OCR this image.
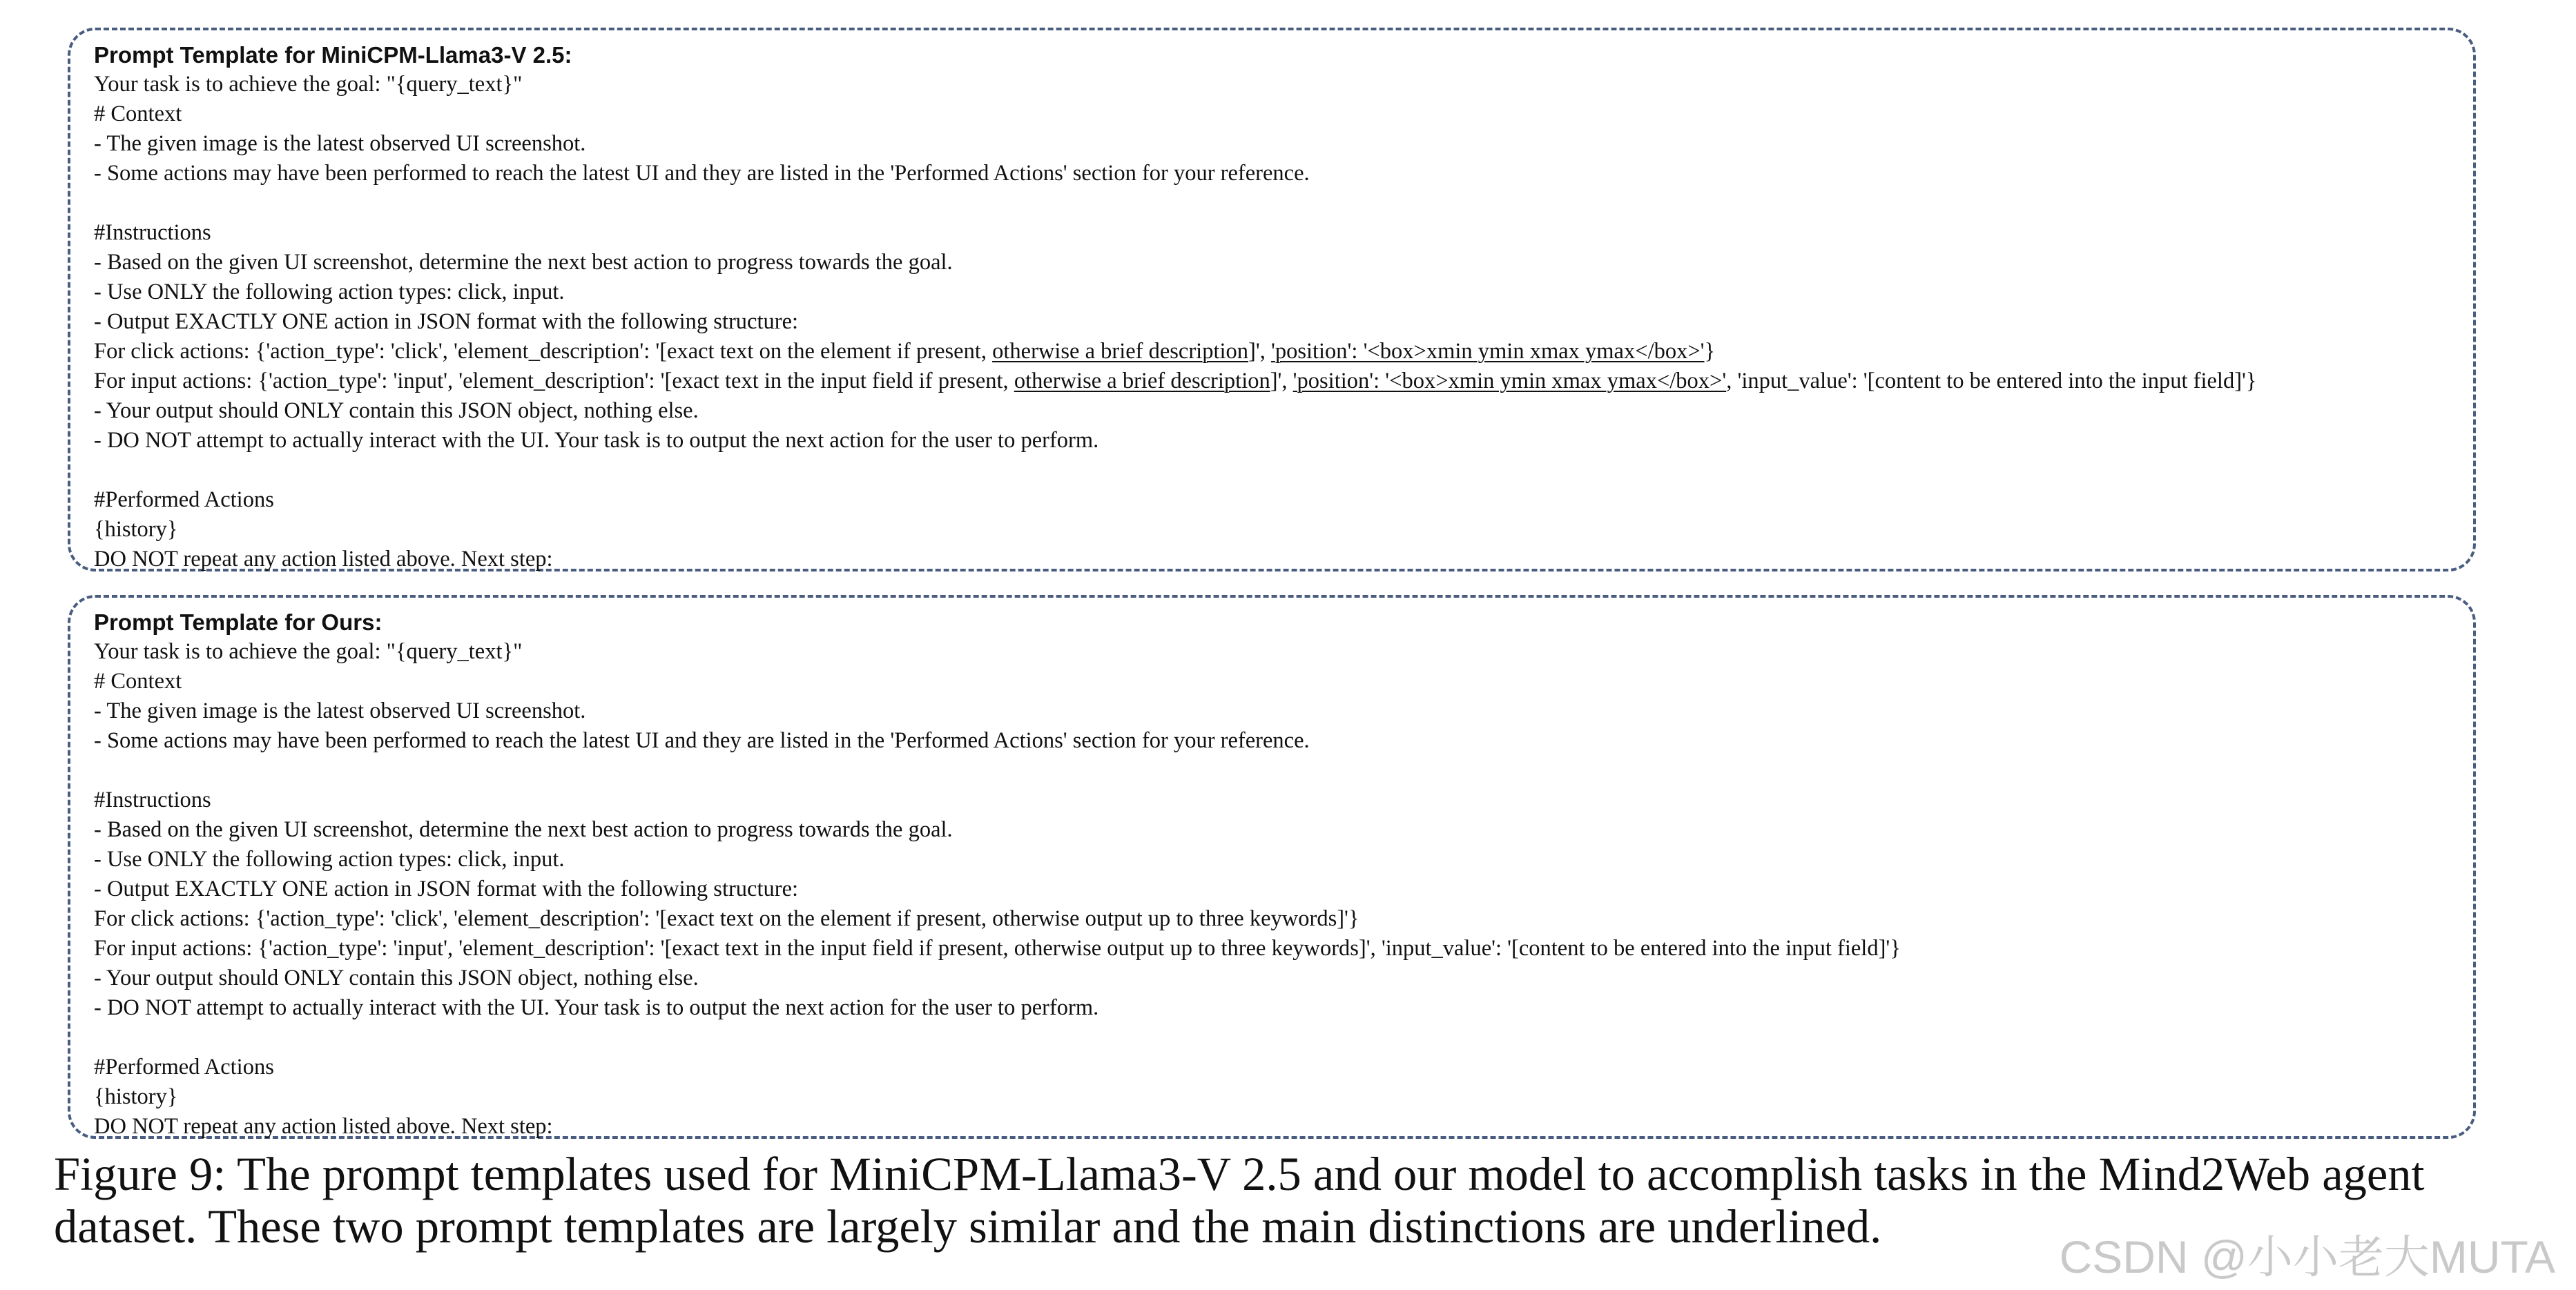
Prompt Template for MiniCPM-Llama3-V 2.5:
Your task is to achieve the goal: "{query_text}"
# Context
- The given image is the latest observed UI screenshot.
- Some actions may have been performed to reach the latest UI and they are listed in the 'Performed Actions' section for your reference.
#Instructions
- Based on the given UI screenshot, determine the next best action to progress towards the goal.
- Use ONLY the following action types: click, input.
- Output EXACTLY ONE action in JSON format with the following structure:
For click actions: {'action_type': 'click', 'element_description': '[exact text on the element if present, otherwise a brief description]', 'position': '<box>xmin ymin xmax ymax</box>'}
For input actions: {'action_type': 'input', 'element_description': '[exact text in the input field if present, otherwise a brief description]', 'position': '<box>xmin ymin xmax ymax</box>', 'input_value': '[content to be entered into the input field]'}
- Your output should ONLY contain this JSON object, nothing else.
- DO NOT attempt to actually interact with the UI. Your task is to output the next action for the user to perform.
#Performed Actions
{history}
DO NOT repeat any action listed above. Next step:
Prompt Template for Ours:
Your task is to achieve the goal: "{query_text}"
# Context
- The given image is the latest observed UI screenshot.
- Some actions may have been performed to reach the latest UI and they are listed in the 'Performed Actions' section for your reference.
#Instructions
- Based on the given UI screenshot, determine the next best action to progress towards the goal.
- Use ONLY the following action types: click, input.
- Output EXACTLY ONE action in JSON format with the following structure:
For click actions: {'action_type': 'click', 'element_description': '[exact text on the element if present, otherwise output up to three keywords]'}
For input actions: {'action_type': 'input', 'element_description': '[exact text in the input field if present, otherwise output up to three keywords]', 'input_value': '[content to be entered into the input field]'}
- Your output should ONLY contain this JSON object, nothing else.
- DO NOT attempt to actually interact with the UI. Your task is to output the next action for the user to perform.
#Performed Actions
{history}
DO NOT repeat any action listed above. Next step:
Figure 9: The prompt templates used for MiniCPM-Llama3-V 2.5 and our model to accomplish tasks in the Mind2Web agent
dataset. These two prompt templates are largely similar and the main distinctions are underlined.
CSDN @小小老大MUTA
